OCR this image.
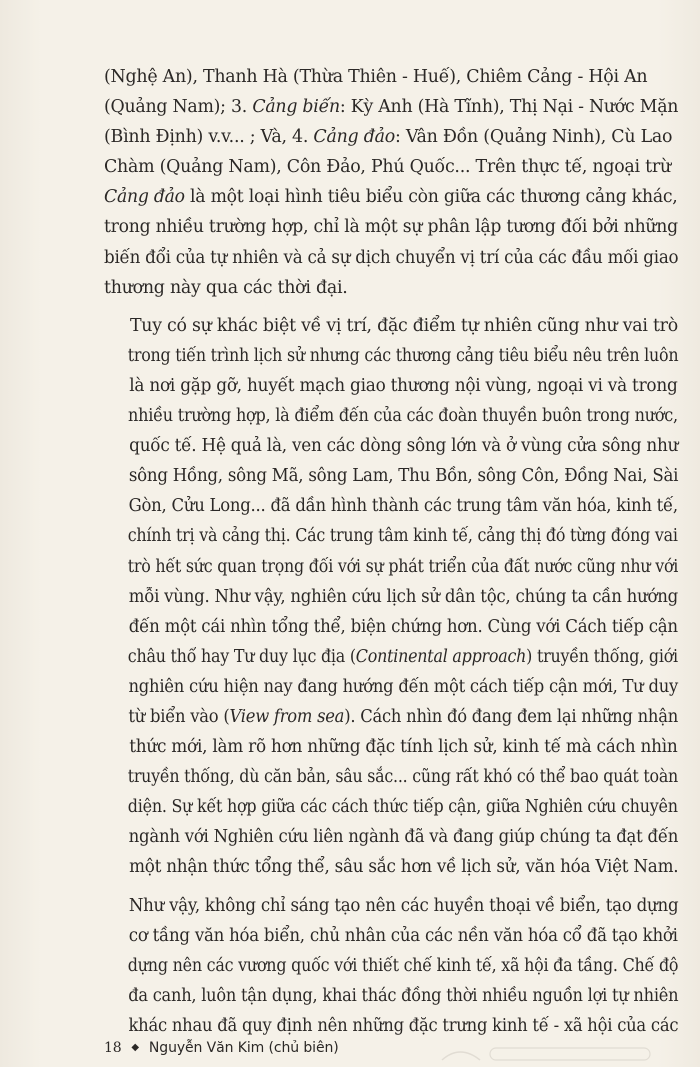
(Nghệ An), Thanh Hà (Thừa Thiên - Huế), Chiêm Cảng - Hội An
(Quảng Nam); 3. Cảng biển: Kỳ Anh (Hà Tĩnh), Thị Nại - Nước Mặn
(Bình Định) v.v... ; Và, 4. Cảng đảo: Vân Đồn (Quảng Ninh), Cù Lao
Chàm (Quảng Nam), Côn Đảo, Phú Quốc... Trên thực tế, ngoại trừ
Cảng đảo là một loại hình tiêu biểu còn giữa các thương cảng khác,
trong nhiều trường hợp, chỉ là một sự phân lập tương đối bởi những
biến đổi của tự nhiên và cả sự dịch chuyển vị trí của các đầu mối giao
thương này qua các thời đại.

Tuy có sự khác biệt về vị trí, đặc điểm tự nhiên cũng như vai trò
trong tiến trình lịch sử nhưng các thương cảng tiêu biểu nêu trên luôn
là nơi gặp gỡ, huyết mạch giao thương nội vùng, ngoại vi và trong
nhiều trường hợp, là điểm đến của các đoàn thuyền buôn trong nước,
quốc tế. Hệ quả là, ven các dòng sông lớn và ở vùng cửa sông như
sông Hồng, sông Mã, sông Lam, Thu Bồn, sông Côn, Đồng Nai, Sài
Gòn, Cửu Long... đã dần hình thành các trung tâm văn hóa, kinh tế,
chính trị và cảng thị. Các trung tâm kinh tế, cảng thị đó từng đóng vai
trò hết sức quan trọng đối với sự phát triển của đất nước cũng như với
mỗi vùng. Như vậy, nghiên cứu lịch sử dân tộc, chúng ta cần hướng
đến một cái nhìn tổng thể, biện chứng hơn. Cùng với Cách tiếp cận
châu thổ hay Tư duy lục địa (Continental approach) truyền thống, giới
nghiên cứu hiện nay đang hướng đến một cách tiếp cận mới, Tư duy
từ biển vào (View from sea). Cách nhìn đó đang đem lại những nhận
thức mới, làm rõ hơn những đặc tính lịch sử, kinh tế mà cách nhìn
truyền thống, dù căn bản, sâu sắc... cũng rất khó có thể bao quát toàn
diện. Sự kết hợp giữa các cách thức tiếp cận, giữa Nghiên cứu chuyên
ngành với Nghiên cứu liên ngành đã và đang giúp chúng ta đạt đến
một nhận thức tổng thể, sâu sắc hơn về lịch sử, văn hóa Việt Nam.

Như vậy, không chỉ sáng tạo nên các huyền thoại về biển, tạo dựng
cơ tầng văn hóa biển, chủ nhân của các nền văn hóa cổ đã tạo khởi
dựng nên các vương quốc với thiết chế kinh tế, xã hội đa tầng. Chế độ
đa canh, luôn tận dụng, khai thác đồng thời nhiều nguồn lợi tự nhiên
khác nhau đã quy định nên những đặc trưng kinh tế - xã hội của các

18 ◆ Nguyễn Văn Kim (chủ biên)
